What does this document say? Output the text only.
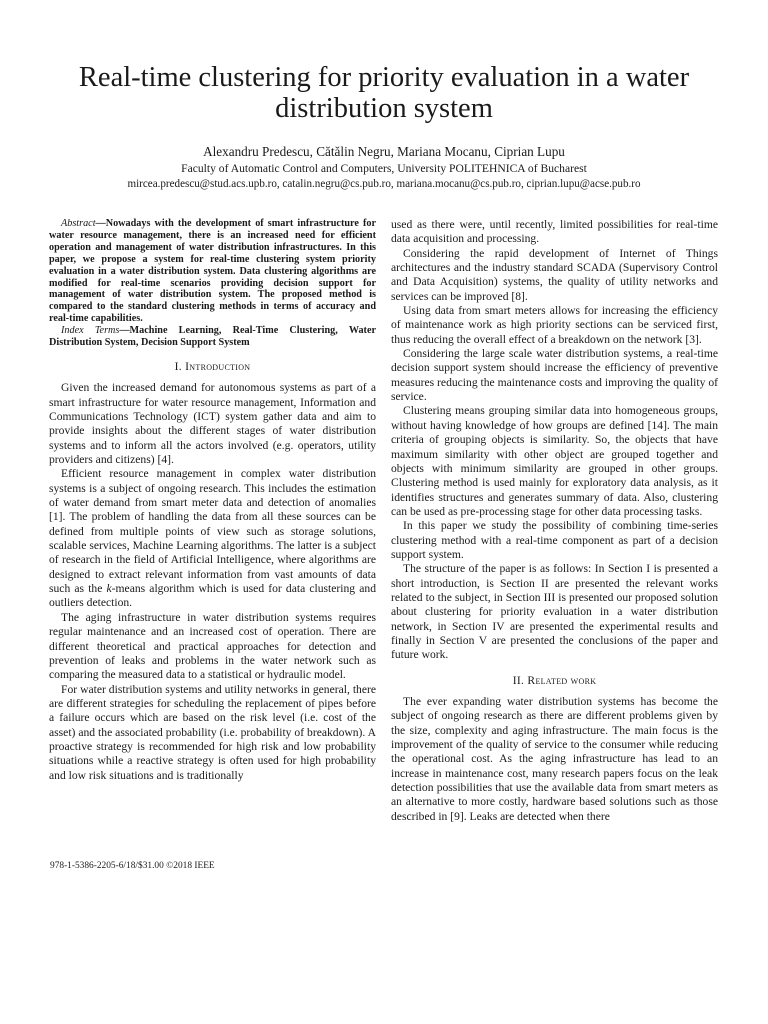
Real-time clustering for priority evaluation in a water distribution system
Alexandru Predescu, Cătălin Negru, Mariana Mocanu, Ciprian Lupu
Faculty of Automatic Control and Computers, University POLITEHNICA of Bucharest
mircea.predescu@stud.acs.upb.ro, catalin.negru@cs.pub.ro, mariana.mocanu@cs.pub.ro, ciprian.lupu@acse.pub.ro

Abstract—Nowadays with the development of smart infrastructure for water resource management, there is an increased need for efficient operation and management of water distribution infrastructures. In this paper, we propose a system for real-time clustering system priority evaluation in a water distribution system. Data clustering algorithms are modified for real-time scenarios providing decision support for management of water distribution system. The proposed method is compared to the standard clustering methods in terms of accuracy and real-time capabilities.

Index Terms—Machine Learning, Real-Time Clustering, Water Distribution System, Decision Support System

I. Introduction

Given the increased demand for autonomous systems as part of a smart infrastructure for water resource management, Information and Communications Technology (ICT) system gather data and aim to provide insights about the different stages of water distribution systems and to inform all the actors involved (e.g. operators, utility providers and citizens) [4].

Efficient resource management in complex water distribution systems is a subject of ongoing research. This includes the estimation of water demand from smart meter data and detection of anomalies [1]. The problem of handling the data from all these sources can be defined from multiple points of view such as storage solutions, scalable services, Machine Learning algorithms. The latter is a subject of research in the field of Artificial Intelligence, where algorithms are designed to extract relevant information from vast amounts of data such as the k-means algorithm which is used for data clustering and outliers detection.

The aging infrastructure in water distribution systems requires regular maintenance and an increased cost of operation. There are different theoretical and practical approaches for detection and prevention of leaks and problems in the water network such as comparing the measured data to a statistical or hydraulic model.

For water distribution systems and utility networks in general, there are different strategies for scheduling the replacement of pipes before a failure occurs which are based on the risk level (i.e. cost of the asset) and the associated probability (i.e. probability of breakdown). A proactive strategy is recommended for high risk and low probability situations while a reactive strategy is often used for high probability and low risk situations and is traditionally

978-1-5386-2205-6/18/$31.00 ©2018 IEEE

used as there were, until recently, limited possibilities for real-time data acquisition and processing.

Considering the rapid development of Internet of Things architectures and the industry standard SCADA (Supervisory Control and Data Acquisition) systems, the quality of utility networks and services can be improved [8].

Using data from smart meters allows for increasing the efficiency of maintenance work as high priority sections can be serviced first, thus reducing the overall effect of a breakdown on the network [3].

Considering the large scale water distribution systems, a real-time decision support system should increase the efficiency of preventive measures reducing the maintenance costs and improving the quality of service.

Clustering means grouping similar data into homogeneous groups, without having knowledge of how groups are defined [14]. The main criteria of grouping objects is similarity. So, the objects that have maximum similarity with other object are grouped together and objects with minimum similarity are grouped in other groups. Clustering method is used mainly for exploratory data analysis, as it identifies structures and generates summary of data. Also, clustering can be used as pre-processing stage for other data processing tasks.

In this paper we study the possibility of combining time-series clustering method with a real-time component as part of a decision support system.

The structure of the paper is as follows: In Section I is presented a short introduction, is Section II are presented the relevant works related to the subject, in Section III is presented our proposed solution about clustering for priority evaluation in a water distribution network, in Section IV are presented the experimental results and finally in Section V are presented the conclusions of the paper and future work.

II. Related work

The ever expanding water distribution systems has become the subject of ongoing research as there are different problems given by the size, complexity and aging infrastructure. The main focus is the improvement of the quality of service to the consumer while reducing the operational cost. As the aging infrastructure has lead to an increase in maintenance cost, many research papers focus on the leak detection possibilities that use the available data from smart meters as an alternative to more costly, hardware based solutions such as those described in [9]. Leaks are detected when there
